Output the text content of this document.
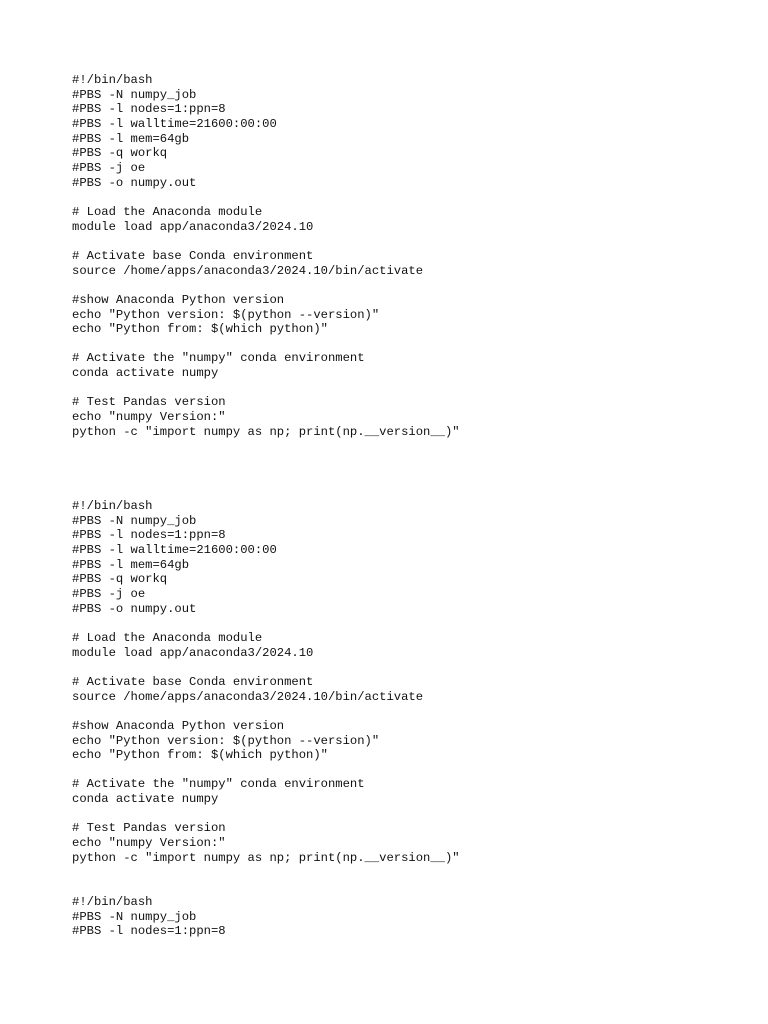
#!/bin/bash
#PBS -N numpy_job
#PBS -l nodes=1:ppn=8
#PBS -l walltime=21600:00:00
#PBS -l mem=64gb
#PBS -q workq
#PBS -j oe
#PBS -o numpy.out
# Load the Anaconda module
module load app/anaconda3/2024.10
# Activate base Conda environment
source /home/apps/anaconda3/2024.10/bin/activate
#show Anaconda Python version
echo "Python version: $(python --version)"
echo "Python from: $(which python)"
# Activate the "numpy" conda environment
conda activate numpy
# Test Pandas version
echo "numpy Version:"
python -c "import numpy as np; print(np.__version__)"
#!/bin/bash
#PBS -N numpy_job
#PBS -l nodes=1:ppn=8
#PBS -l walltime=21600:00:00
#PBS -l mem=64gb
#PBS -q workq
#PBS -j oe
#PBS -o numpy.out
# Load the Anaconda module
module load app/anaconda3/2024.10
# Activate base Conda environment
source /home/apps/anaconda3/2024.10/bin/activate
#show Anaconda Python version
echo "Python version: $(python --version)"
echo "Python from: $(which python)"
# Activate the "numpy" conda environment
conda activate numpy
# Test Pandas version
echo "numpy Version:"
python -c "import numpy as np; print(np.__version__)"
#!/bin/bash
#PBS -N numpy_job
#PBS -l nodes=1:ppn=8
